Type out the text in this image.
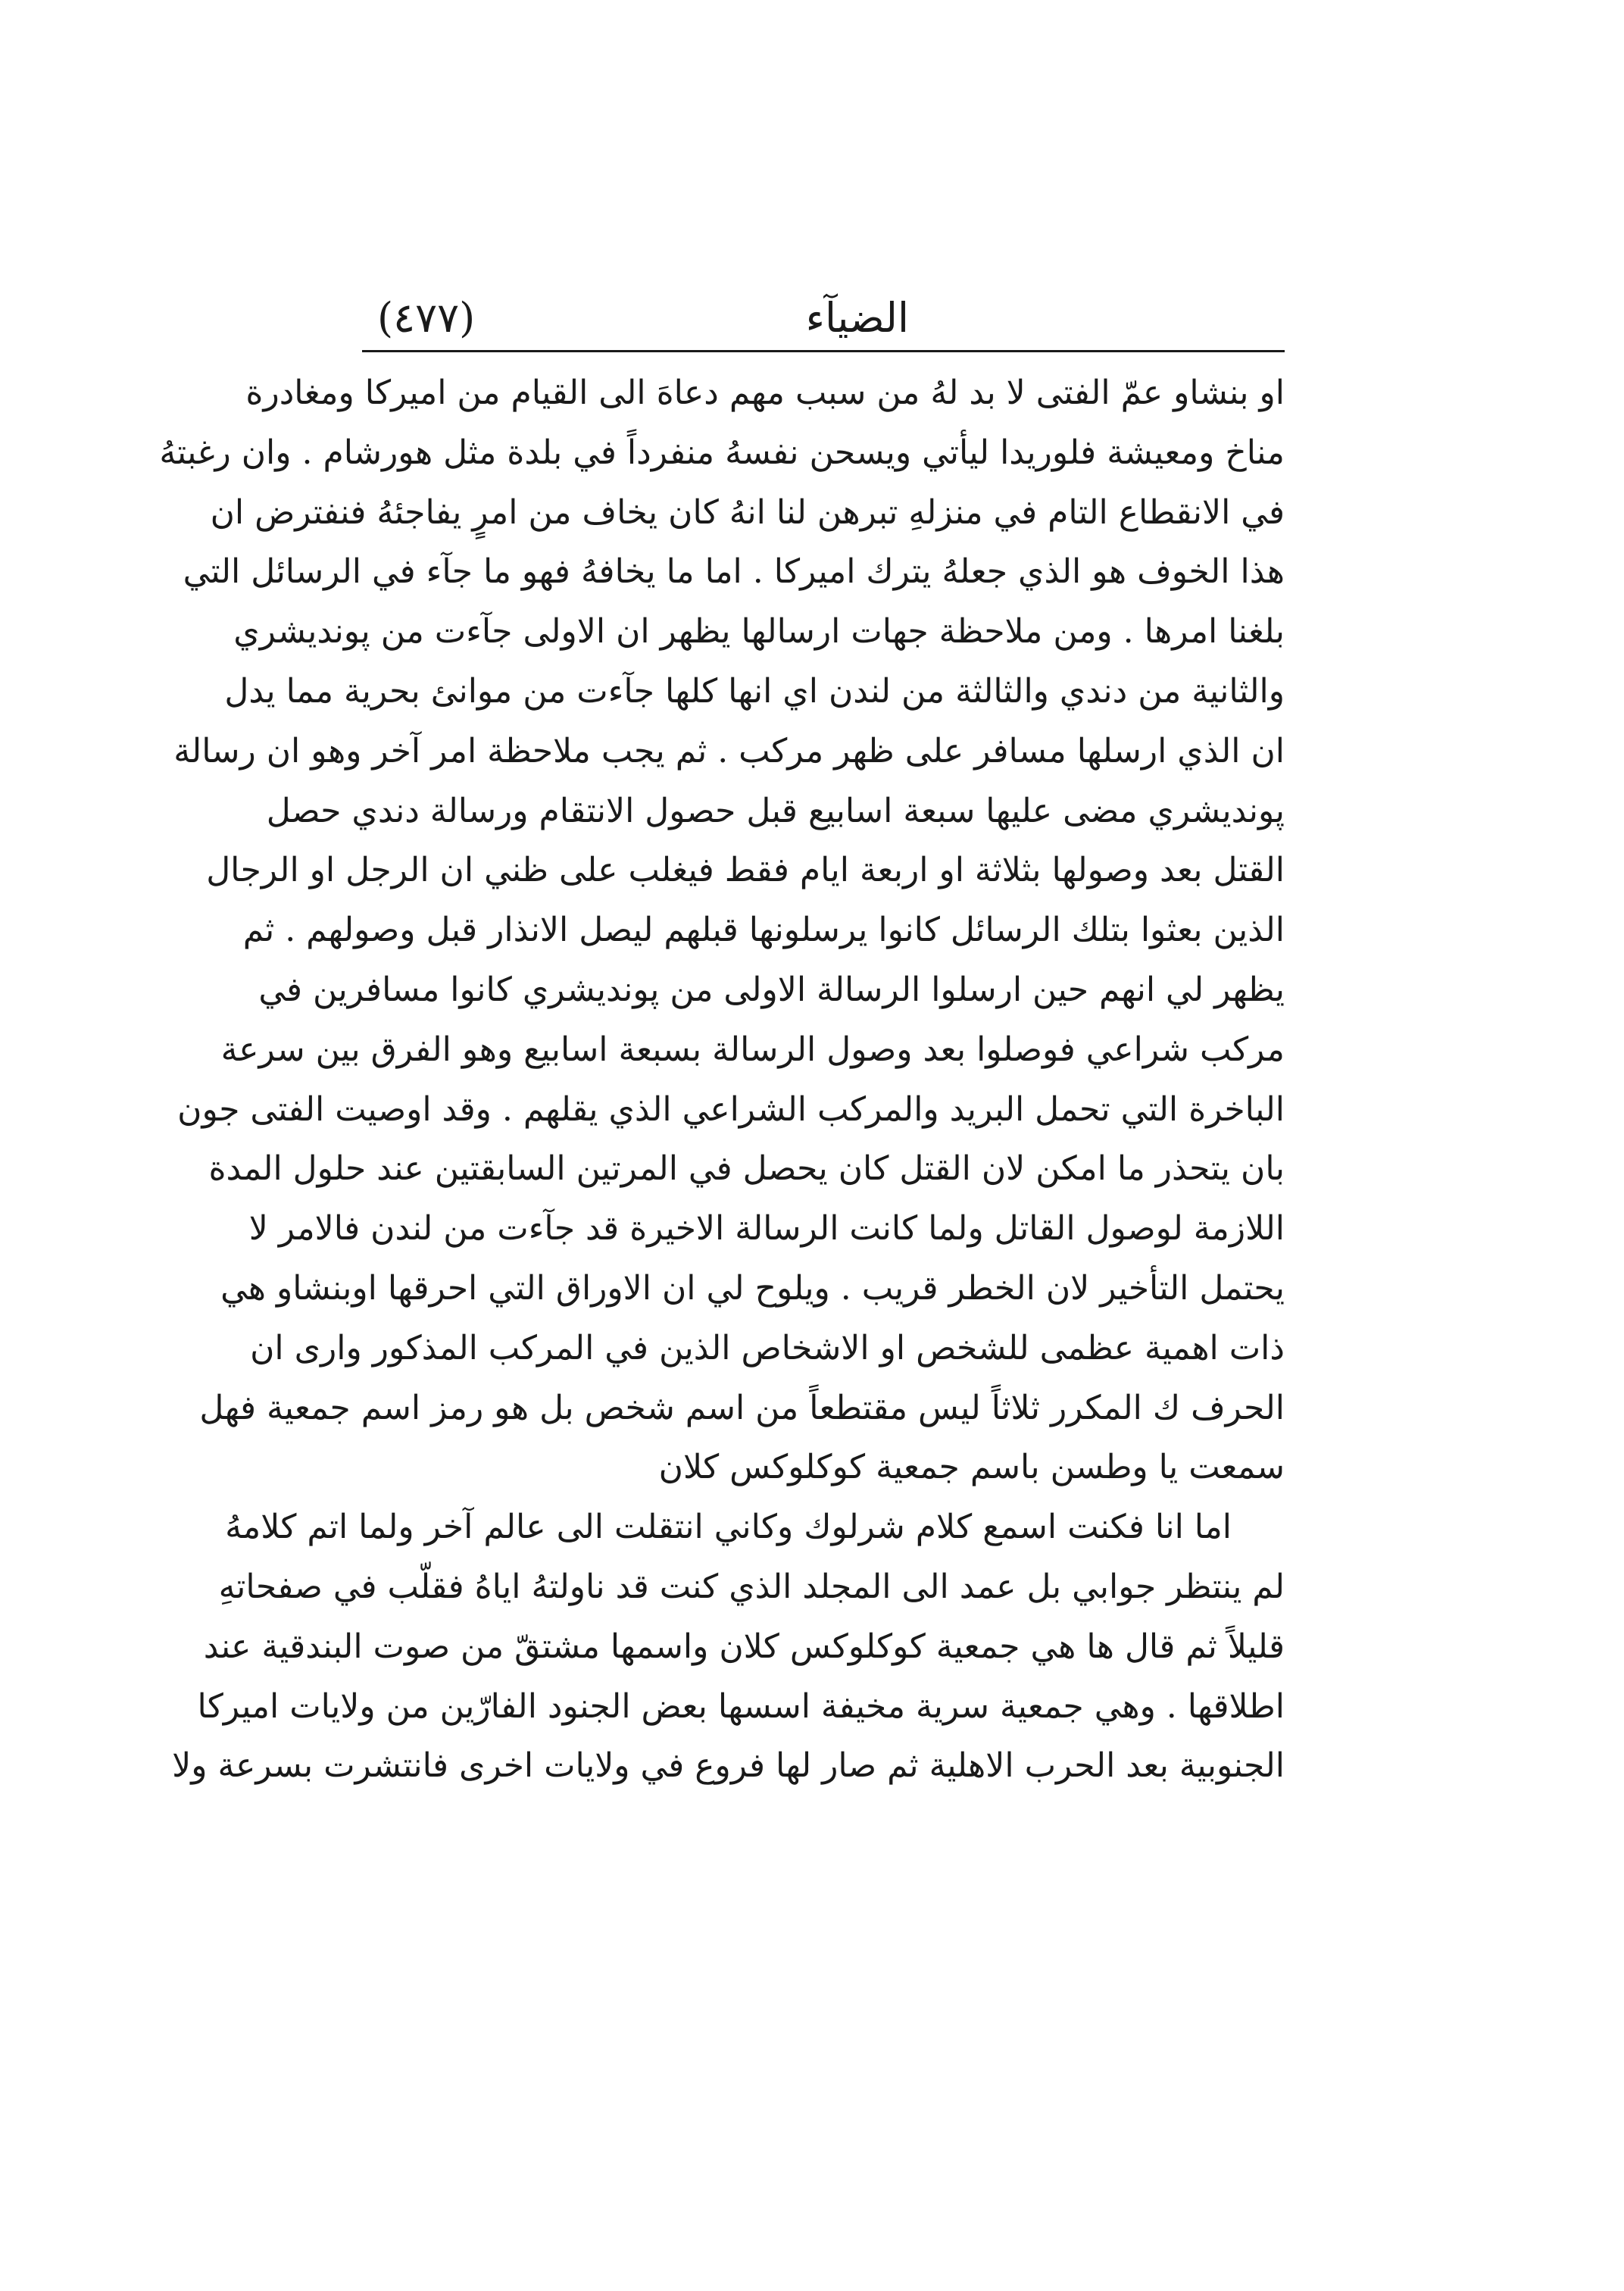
الضيآء
(٤٧٧)
او بنشاو عمّ الفتى لا بد لهُ من سبب مهم دعاهَ الى القيام من اميركا ومغادرة
مناخ ومعيشة فلوريدا ليأتي ويسحن نفسهُ منفرداً في بلدة مثل هورشام . وان رغبتهُ
في الانقطاع التام في منزلهِ تبرهن لنا انهُ كان يخاف من امرٍ يفاجئهُ فنفترض ان
هذا الخوف هو الذي جعلهُ يترك اميركا . اما ما يخافهُ فهو ما جآء في الرسائل التي
بلغنا امرها . ومن ملاحظة جهات ارسالها يظهر ان الاولى جآءت من پونديشري
والثانية من دندي والثالثة من لندن اي انها كلها جآءت من موانئ بحرية مما يدل
ان الذي ارسلها مسافر على ظهر مركب . ثم يجب ملاحظة امر آخر وهو ان رسالة
پونديشري مضى عليها سبعة اسابيع قبل حصول الانتقام ورسالة دندي حصل
القتل بعد وصولها بثلاثة او اربعة ايام فقط فيغلب على ظني ان الرجل او الرجال
الذين بعثوا بتلك الرسائل كانوا يرسلونها قبلهم ليصل الانذار قبل وصولهم . ثم
يظهر لي انهم حين ارسلوا الرسالة الاولى من پونديشري كانوا مسافرين في
مركب شراعي فوصلوا بعد وصول الرسالة بسبعة اسابيع وهو الفرق بين سرعة
الباخرة التي تحمل البريد والمركب الشراعي الذي يقلهم . وقد اوصيت الفتى جون
بان يتحذر ما امكن لان القتل كان يحصل في المرتين السابقتين عند حلول المدة
اللازمة لوصول القاتل ولما كانت الرسالة الاخيرة قد جآءت من لندن فالامر لا
يحتمل التأخير لان الخطر قريب . ويلوح لي ان الاوراق التي احرقها اوبنشاو هي
ذات اهمية عظمى للشخص او الاشخاص الذين في المركب المذكور وارى ان
الحرف ك المكرر ثلاثاً ليس مقتطعاً من اسم شخص بل هو رمز اسم جمعية فهل
سمعت يا وطسن باسم جمعية كوكلوكس كلان
اما انا فكنت اسمع كلام شرلوك وكاني انتقلت الى عالم آخر ولما اتم كلامهُ
لم ينتظر جوابي بل عمد الى المجلد الذي كنت قد ناولتهُ اياهُ فقلّب في صفحاتهِ
قليلاً ثم قال ها هي جمعية كوكلوكس كلان واسمها مشتقّ من صوت البندقية عند
اطلاقها . وهي جمعية سرية مخيفة اسسها بعض الجنود الفارّين من ولايات اميركا
الجنوبية بعد الحرب الاهلية ثم صار لها فروع في ولايات اخرى فانتشرت بسرعة ولا
